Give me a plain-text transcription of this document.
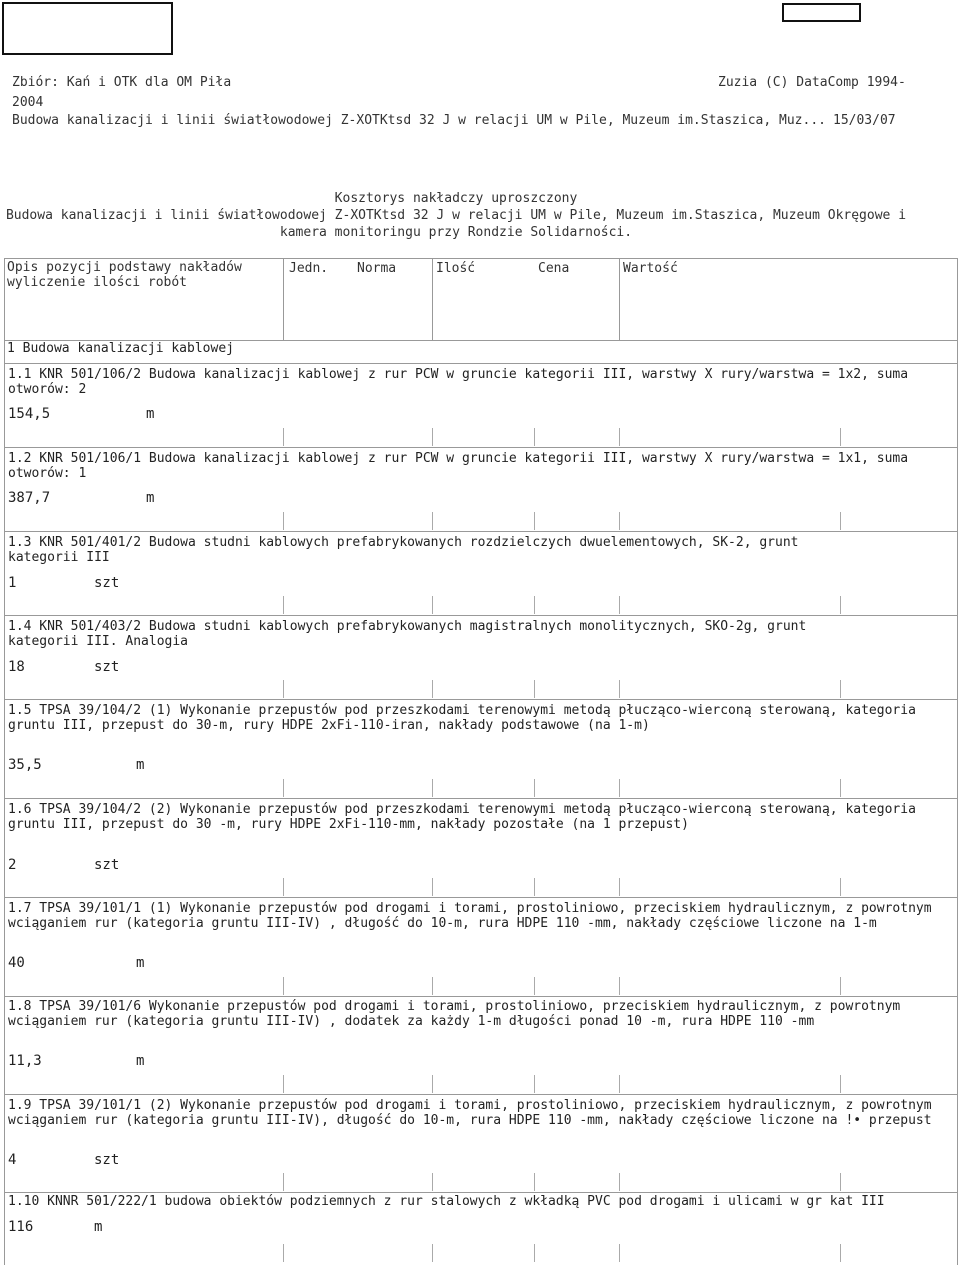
Zbiór: Kań i OTK dla OM Piła	Zuzia (C) DataComp 1994-
2004
Budowa kanalizacji i linii światłowodowej Z-XOTKtsd 32 J w relacji UM w Pile, Muzeum im.Staszica, Muz... 15/03/07
Kosztorys nakładczy uproszczony
Budowa kanalizacji i linii światłowodowej Z-XOTKtsd 32 J w relacji UM w Pile, Muzeum im.Staszica, Muzeum Okręgowe i
kamera monitoringu przy Rondzie Solidarności.
Opis pozycji podstawy nakładów
wyliczenie ilości robót
Jedn. Norma	Ilość	Cena	Wartość
1 Budowa kanalizacji kablowej
1.1 KNR 501/106/2 Budowa kanalizacji kablowej z rur PCW w gruncie kategorii III, warstwy X rury/warstwa = 1x2, suma otworów: 2
154,5	m
1.2 KNR 501/106/1 Budowa kanalizacji kablowej z rur PCW w gruncie kategorii III, warstwy X rury/warstwa = 1x1, suma otworów: 1
387,7	m
1.3 KNR 501/401/2 Budowa studni kablowych prefabrykowanych rozdzielczych dwuelementowych, SK-2, grunt kategorii III
1	szt
1.4 KNR 501/403/2 Budowa studni kablowych prefabrykowanych magistralnych monolitycznych, SKO-2g, grunt kategorii III. Analogia
18	szt
1.5 TPSA 39/104/2 (1) Wykonanie przepustów pod przeszkodami terenowymi metodą płucząco-wierconą sterowaną, kategoria gruntu III, przepust do 30-m, rury HDPE 2xFi-110-iran, nakłady podstawowe (na 1-m)
35,5	m
1.6 TPSA 39/104/2 (2) Wykonanie przepustów pod przeszkodami terenowymi metodą płucząco-wierconą sterowaną, kategoria gruntu III, przepust do 30 -m, rury HDPE 2xFi-110-mm, nakłady pozostałe (na 1 przepust)
2	szt
1.7 TPSA 39/101/1 (1) Wykonanie przepustów pod drogami i torami, prostoliniowo, przeciskiem hydraulicznym, z powrotnym wciąganiem rur (kategoria gruntu III-IV) , długość do 10-m, rura HDPE 110 -mm, nakłady częściowe liczone na 1-m
40	m
1.8 TPSA 39/101/6 Wykonanie przepustów pod drogami i torami, prostoliniowo, przeciskiem hydraulicznym, z powrotnym wciąganiem rur (kategoria gruntu III-IV) , dodatek za każdy 1-m długości ponad 10 -m, rura HDPE 110 -mm
11,3	m
1.9 TPSA 39/101/1 (2) Wykonanie przepustów pod drogami i torami, prostoliniowo, przeciskiem hydraulicznym, z powrotnym wciąganiem rur (kategoria gruntu III-IV), długość do 10-m, rura HDPE 110 -mm, nakłady częściowe liczone na !• przepust
4	szt
1.10 KNNR 501/222/1 budowa obiektów podziemnych z rur stalowych z wkładką PVC pod drogami i ulicami w gr kat III
116	m
